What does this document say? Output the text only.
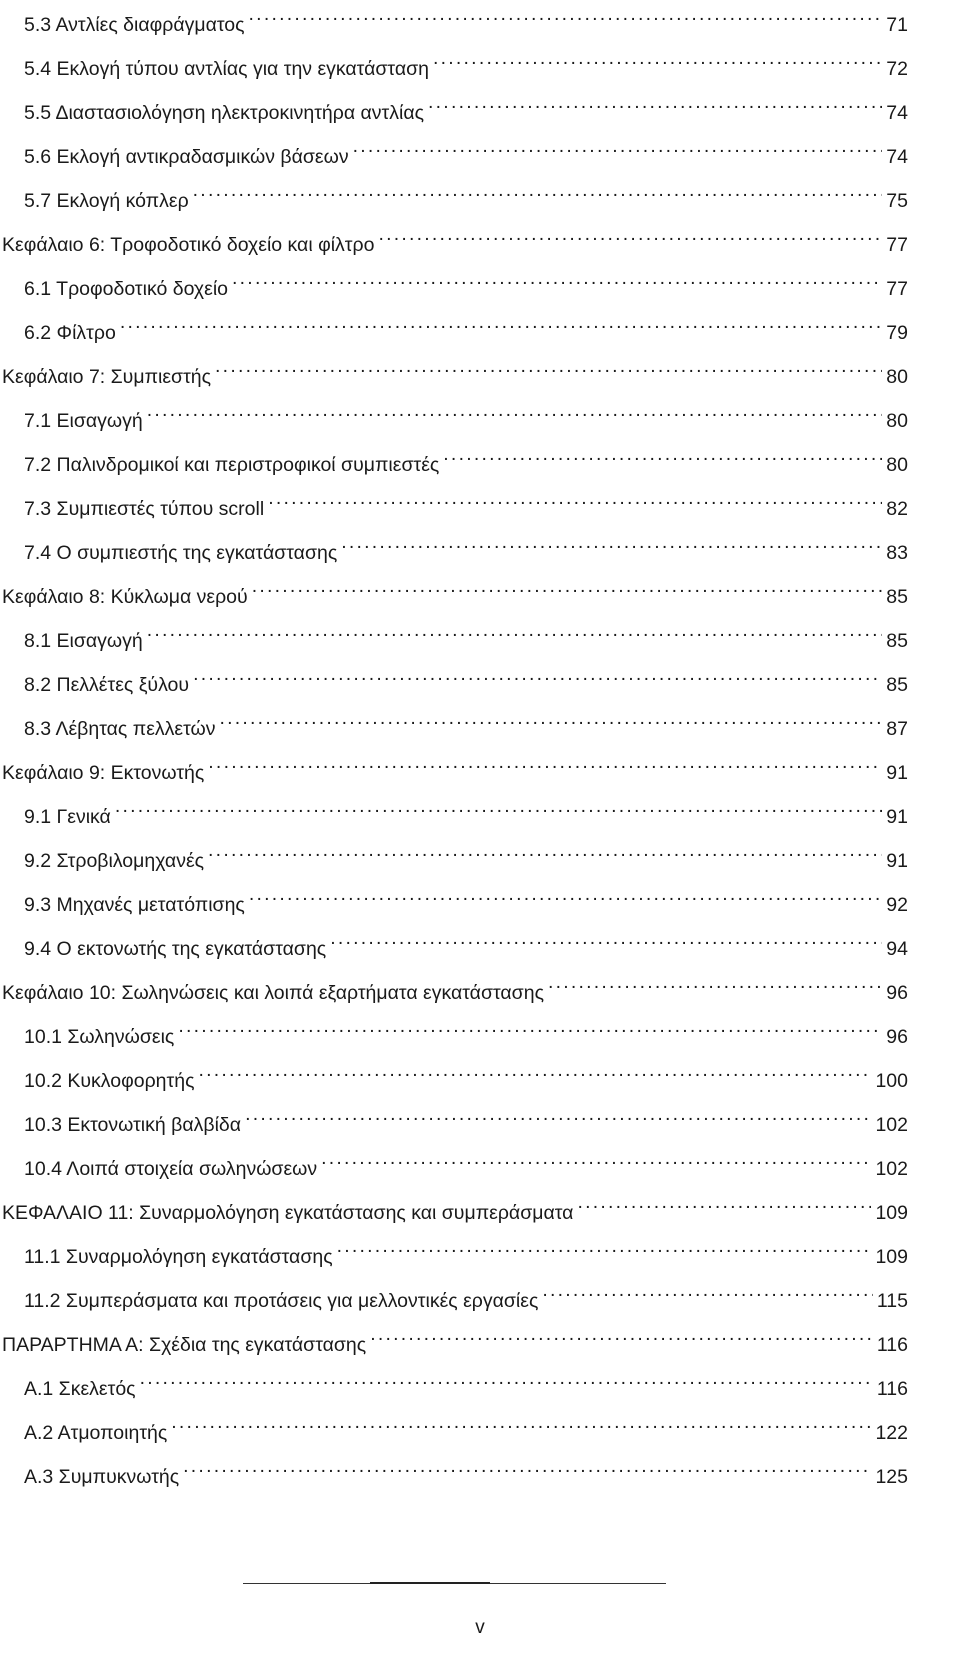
5.3 Αντλίες διαφράγματος . . .	71
5.4 Εκλογή τύπου αντλίας για την εγκατάσταση . . .	72
5.5 Διαστασιολόγηση ηλεκτροκινητήρα αντλίας . . .	74
5.6 Εκλογή αντικραδασμικών βάσεων . . .	74
5.7 Εκλογή κόπλερ . . .	75
Κεφάλαιο 6: Τροφοδοτικό δοχείο και φίλτρο . . .	77
6.1 Τροφοδοτικό δοχείο . . .	77
6.2 Φίλτρο . . .	79
Κεφάλαιο 7: Συμπιεστής . . .	80
7.1 Εισαγωγή . . .	80
7.2 Παλινδρομικοί και περιστροφικοί συμπιεστές . . .	80
7.3 Συμπιεστές τύπου scroll . . .	82
7.4 Ο συμπιεστής της εγκατάστασης . . .	83
Κεφάλαιο 8: Κύκλωμα νερού . . .	85
8.1 Εισαγωγή . . .	85
8.2 Πελλέτες ξύλου . . .	85
8.3 Λέβητας πελλετών . . .	87
Κεφάλαιο 9: Εκτονωτής . . .	91
9.1 Γενικά . . .	91
9.2 Στροβιλομηχανές . . .	91
9.3 Μηχανές μετατόπισης . . .	92
9.4 Ο εκτονωτής της εγκατάστασης . . .	94
Κεφάλαιο 10: Σωληνώσεις και λοιπά εξαρτήματα εγκατάστασης . . .	96
10.1 Σωληνώσεις . . .	96
10.2 Κυκλοφορητής . . .	100
10.3 Εκτονωτική βαλβίδα . . .	102
10.4 Λοιπά στοιχεία σωληνώσεων . . .	102
ΚΕΦΑΛΑΙΟ 11: Συναρμολόγηση εγκατάστασης και συμπεράσματα . . .	109
11.1 Συναρμολόγηση εγκατάστασης . . .	109
11.2 Συμπεράσματα και προτάσεις για μελλοντικές εργασίες . . .	115
ΠΑΡΑΡΤΗΜΑ Α: Σχέδια της εγκατάστασης . . .	116
Α.1 Σκελετός . . .	116
Α.2 Ατμοποιητής . . .	122
Α.3 Συμπυκνωτής . . .	125
v
